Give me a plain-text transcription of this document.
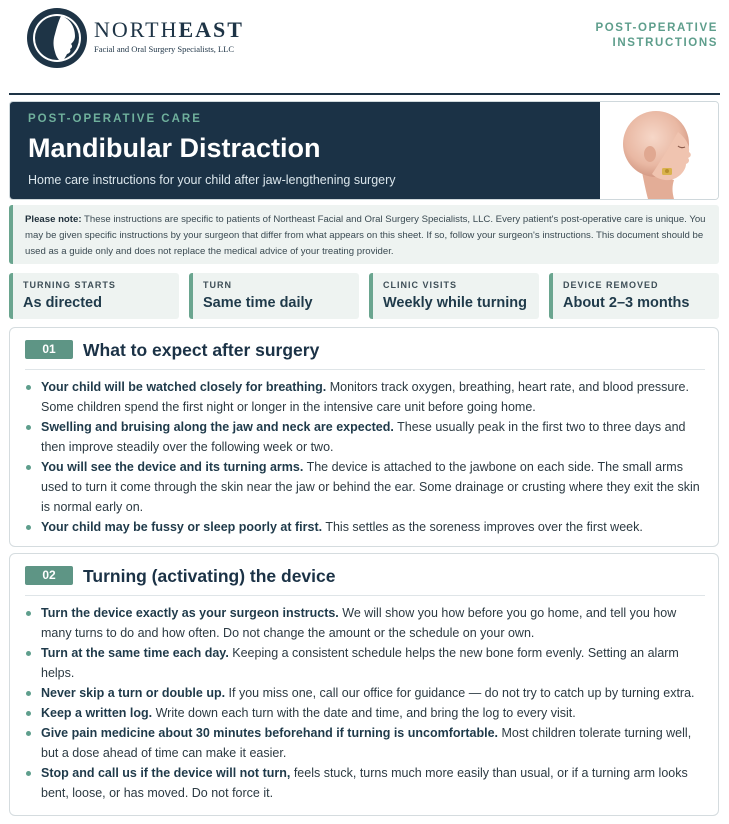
NORTHEAST
Facial and Oral Surgery Specialists, LLC
POST-OPERATIVE
INSTRUCTIONS
POST-OPERATIVE CARE
Mandibular Distraction
Home care instructions for your child after jaw-lengthening surgery
Please note: These instructions are specific to patients of Northeast Facial and Oral Surgery Specialists, LLC. Every patient's post-operative care is unique. You may be given specific instructions by your surgeon that differ from what appears on this sheet. If so, follow your surgeon's instructions. This document should be used as a guide only and does not replace the medical advice of your treating provider.
TURNING STARTS
As directed
TURN
Same time daily
CLINIC VISITS
Weekly while turning
DEVICE REMOVED
About 2–3 months
01	What to expect after surgery
Your child will be watched closely for breathing. Monitors track oxygen, breathing, heart rate, and blood pressure. Some children spend the first night or longer in the intensive care unit before going home.
Swelling and bruising along the jaw and neck are expected. These usually peak in the first two to three days and then improve steadily over the following week or two.
You will see the device and its turning arms. The device is attached to the jawbone on each side. The small arms used to turn it come through the skin near the jaw or behind the ear. Some drainage or crusting where they exit the skin is normal early on.
Your child may be fussy or sleep poorly at first. This settles as the soreness improves over the first week.
02	Turning (activating) the device
Turn the device exactly as your surgeon instructs. We will show you how before you go home, and tell you how many turns to do and how often. Do not change the amount or the schedule on your own.
Turn at the same time each day. Keeping a consistent schedule helps the new bone form evenly. Setting an alarm helps.
Never skip a turn or double up. If you miss one, call our office for guidance — do not try to catch up by turning extra.
Keep a written log. Write down each turn with the date and time, and bring the log to every visit.
Give pain medicine about 30 minutes beforehand if turning is uncomfortable. Most children tolerate turning well, but a dose ahead of time can make it easier.
Stop and call us if the device will not turn, feels stuck, turns much more easily than usual, or if a turning arm looks bent, loose, or has moved. Do not force it.
